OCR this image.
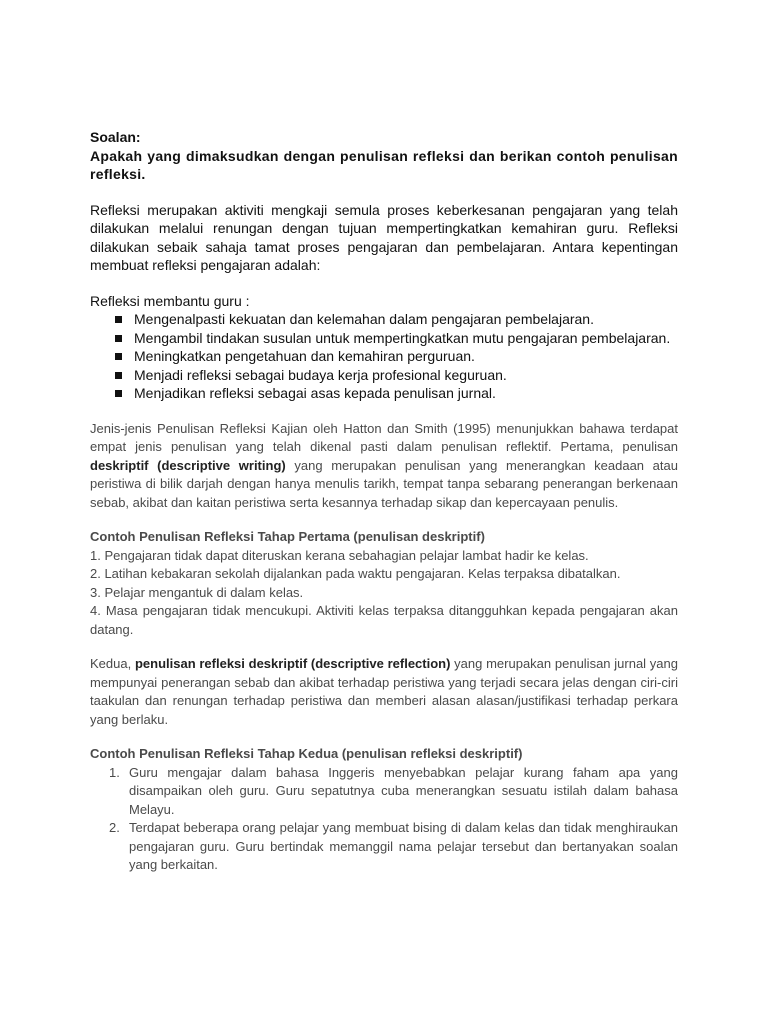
Soalan:

Apakah yang dimaksudkan dengan penulisan refleksi dan berikan contoh penulisan refleksi.

Refleksi merupakan aktiviti mengkaji semula proses keberkesanan pengajaran yang telah dilakukan melalui renungan dengan tujuan mempertingkatkan kemahiran guru. Refleksi dilakukan sebaik sahaja tamat proses pengajaran dan pembelajaran. Antara kepentingan membuat refleksi pengajaran adalah:

Refleksi membantu guru :

Mengenalpasti kekuatan dan kelemahan dalam pengajaran pembelajaran.
Mengambil tindakan susulan untuk mempertingkatkan mutu pengajaran pembelajaran.
Meningkatkan pengetahuan dan kemahiran perguruan.
Menjadi refleksi sebagai budaya kerja profesional keguruan.
Menjadikan refleksi sebagai asas kepada penulisan jurnal.

Jenis-jenis Penulisan Refleksi Kajian oleh Hatton dan Smith (1995) menunjukkan bahawa terdapat empat jenis penulisan yang telah dikenal pasti dalam penulisan reflektif. Pertama, penulisan deskriptif (descriptive writing) yang merupakan penulisan yang menerangkan keadaan atau peristiwa di bilik darjah dengan hanya menulis tarikh, tempat tanpa sebarang penerangan berkenaan sebab, akibat dan kaitan peristiwa serta kesannya terhadap sikap dan kepercayaan penulis.

Contoh Penulisan Refleksi Tahap Pertama (penulisan deskriptif)

1. Pengajaran tidak dapat diteruskan kerana sebahagian pelajar lambat hadir ke kelas.

2. Latihan kebakaran sekolah dijalankan pada waktu pengajaran. Kelas terpaksa dibatalkan.

3. Pelajar mengantuk di dalam kelas.

4. Masa pengajaran tidak mencukupi. Aktiviti kelas terpaksa ditangguhkan kepada pengajaran akan datang.

Kedua, penulisan refleksi deskriptif (descriptive reflection) yang merupakan penulisan jurnal yang mempunyai penerangan sebab dan akibat terhadap peristiwa yang terjadi secara jelas dengan ciri-ciri taakulan dan renungan terhadap peristiwa dan memberi alasan alasan/justifikasi terhadap perkara yang berlaku.

Contoh Penulisan Refleksi Tahap Kedua (penulisan refleksi deskriptif)

1. Guru mengajar dalam bahasa Inggeris menyebabkan pelajar kurang faham apa yang disampaikan oleh guru. Guru sepatutnya cuba menerangkan sesuatu istilah dalam bahasa Melayu.
2. Terdapat beberapa orang pelajar yang membuat bising di dalam kelas dan tidak menghiraukan pengajaran guru. Guru bertindak memanggil nama pelajar tersebut dan bertanyakan soalan yang berkaitan.
